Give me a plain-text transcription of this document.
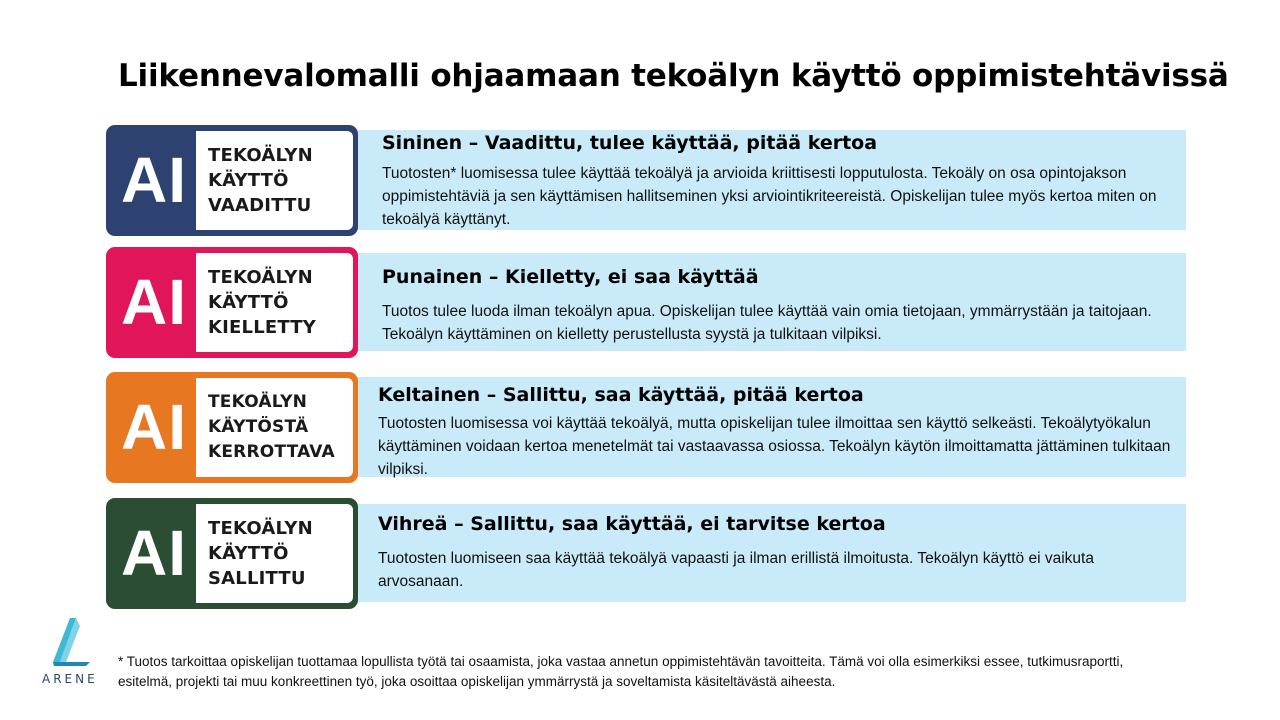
Liikennevalomalli ohjaamaan tekoälyn käyttö oppimistehtävissä
AI TEKOÄLYN
KÄYTTÖ
VAADITTU
Sininen – Vaadittu, tulee käyttää, pitää kertoa

Tuotosten* luomisessa tulee käyttää tekoälyä ja arvioida kriittisesti lopputulosta. Tekoäly on osa opintojakson oppimistehtäviä ja sen käyttämisen hallitseminen yksi arviointikriteereistä. Opiskelijan tulee myös kertoa miten on tekoälyä käyttänyt.

AI TEKOÄLYN
KÄYTTÖ
KIELLETTY
Punainen – Kielletty, ei saa käyttää

Tuotos tulee luoda ilman tekoälyn apua. Opiskelijan tulee käyttää vain omia tietojaan, ymmärrystään ja taitojaan. Tekoälyn käyttäminen on kielletty perustellusta syystä ja tulkitaan vilpiksi.

AI TEKOÄLYN
KÄYTÖSTÄ
KERROTTAVA
Keltainen – Sallittu, saa käyttää, pitää kertoa

Tuotosten luomisessa voi käyttää tekoälyä, mutta opiskelijan tulee ilmoittaa sen käyttö selkeästi. Tekoälytyökalun käyttäminen voidaan kertoa menetelmät tai vastaavassa osiossa. Tekoälyn käytön ilmoittamatta jättäminen tulkitaan vilpiksi.

AI TEKOÄLYN
KÄYTTÖ
SALLITTU
Vihreä – Sallittu, saa käyttää, ei tarvitse kertoa

Tuotosten luomiseen saa käyttää tekoälyä vapaasti ja ilman erillistä ilmoitusta. Tekoälyn käyttö ei vaikuta arvosanaan.

ARENE

* Tuotos tarkoittaa opiskelijan tuottamaa lopullista työtä tai osaamista, joka vastaa annetun oppimistehtävän tavoitteita. Tämä voi olla esimerkiksi essee, tutkimusraportti, esitelmä, projekti tai muu konkreettinen työ, joka osoittaa opiskelijan ymmärrystä ja soveltamista käsiteltävästä aiheesta.
